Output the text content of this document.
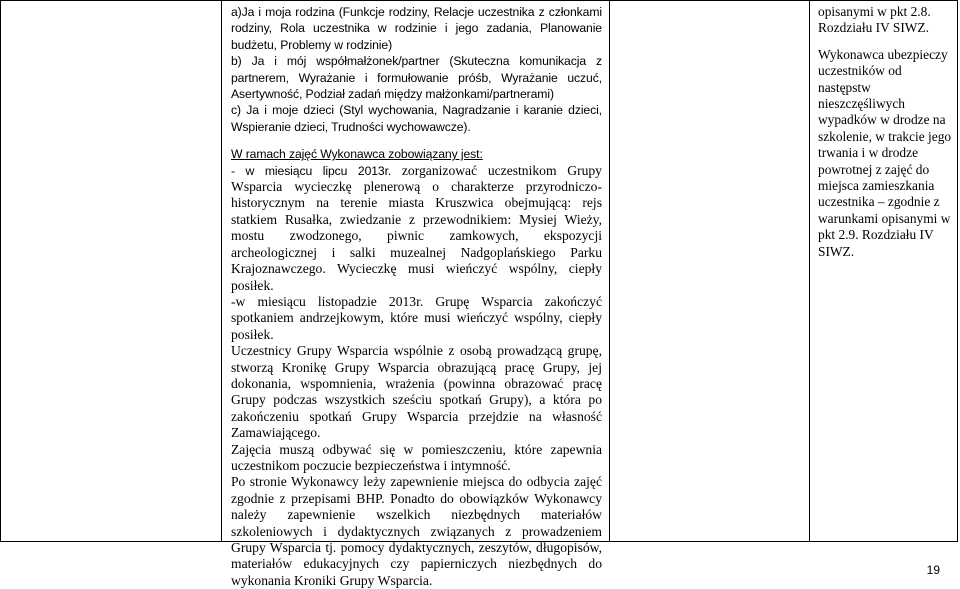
a)Ja i moja rodzina (Funkcje rodziny, Relacje uczestnika z członkami rodziny, Rola uczestnika w rodzinie i jego zadania, Planowanie budżetu, Problemy w rodzinie)

b) Ja i mój współmałżonek/partner (Skuteczna komunikacja z partnerem, Wyrażanie i formułowanie próśb, Wyrażanie uczuć, Asertywność, Podział zadań między małżonkami/partnerami)

c) Ja i moje dzieci (Styl wychowania, Nagradzanie i karanie dzieci, Wspieranie dzieci, Trudności wychowawcze).

W ramach zajęć Wykonawca zobowiązany jest:

- w miesiącu lipcu 2013r. zorganizować uczestnikom Grupy Wsparcia wycieczkę plenerową o charakterze przyrodniczo-historycznym na terenie miasta Kruszwica obejmującą: rejs statkiem Rusałka, zwiedzanie z przewodnikiem: Mysiej Wieży, mostu zwodzonego, piwnic zamkowych, ekspozycji archeologicznej i salki muzealnej Nadgoplańskiego Parku Krajoznawczego. Wycieczkę musi wieńczyć wspólny, ciepły posiłek.

-w miesiącu listopadzie 2013r. Grupę Wsparcia zakończyć spotkaniem andrzejkowym, które musi wieńczyć wspólny, ciepły posiłek.

Uczestnicy Grupy Wsparcia wspólnie z osobą prowadzącą grupę, stworzą Kronikę Grupy Wsparcia obrazującą pracę Grupy, jej dokonania, wspomnienia, wrażenia (powinna obrazować pracę Grupy podczas wszystkich sześciu spotkań Grupy), a która po zakończeniu spotkań Grupy Wsparcia przejdzie na własność Zamawiającego.

Zajęcia muszą odbywać się w pomieszczeniu, które zapewnia uczestnikom poczucie bezpieczeństwa i intymność.

Po stronie Wykonawcy leży zapewnienie miejsca do odbycia zajęć zgodnie z przepisami BHP. Ponadto do obowiązków Wykonawcy należy zapewnienie wszelkich niezbędnych materiałów szkoleniowych i dydaktycznych związanych z prowadzeniem Grupy Wsparcia tj. pomocy dydaktycznych, zeszytów, długopisów, materiałów edukacyjnych czy papierniczych niezbędnych do wykonania Kroniki Grupy Wsparcia.

opisanymi w pkt 2.8. Rozdziału IV SIWZ.

Wykonawca ubezpieczy uczestników od następstw nieszczęśliwych wypadków w drodze na szkolenie, w trakcie jego trwania i w drodze powrotnej z zajęć do miejsca zamieszkania uczestnika – zgodnie z warunkami opisanymi w pkt 2.9. Rozdziału IV SIWZ.

19
